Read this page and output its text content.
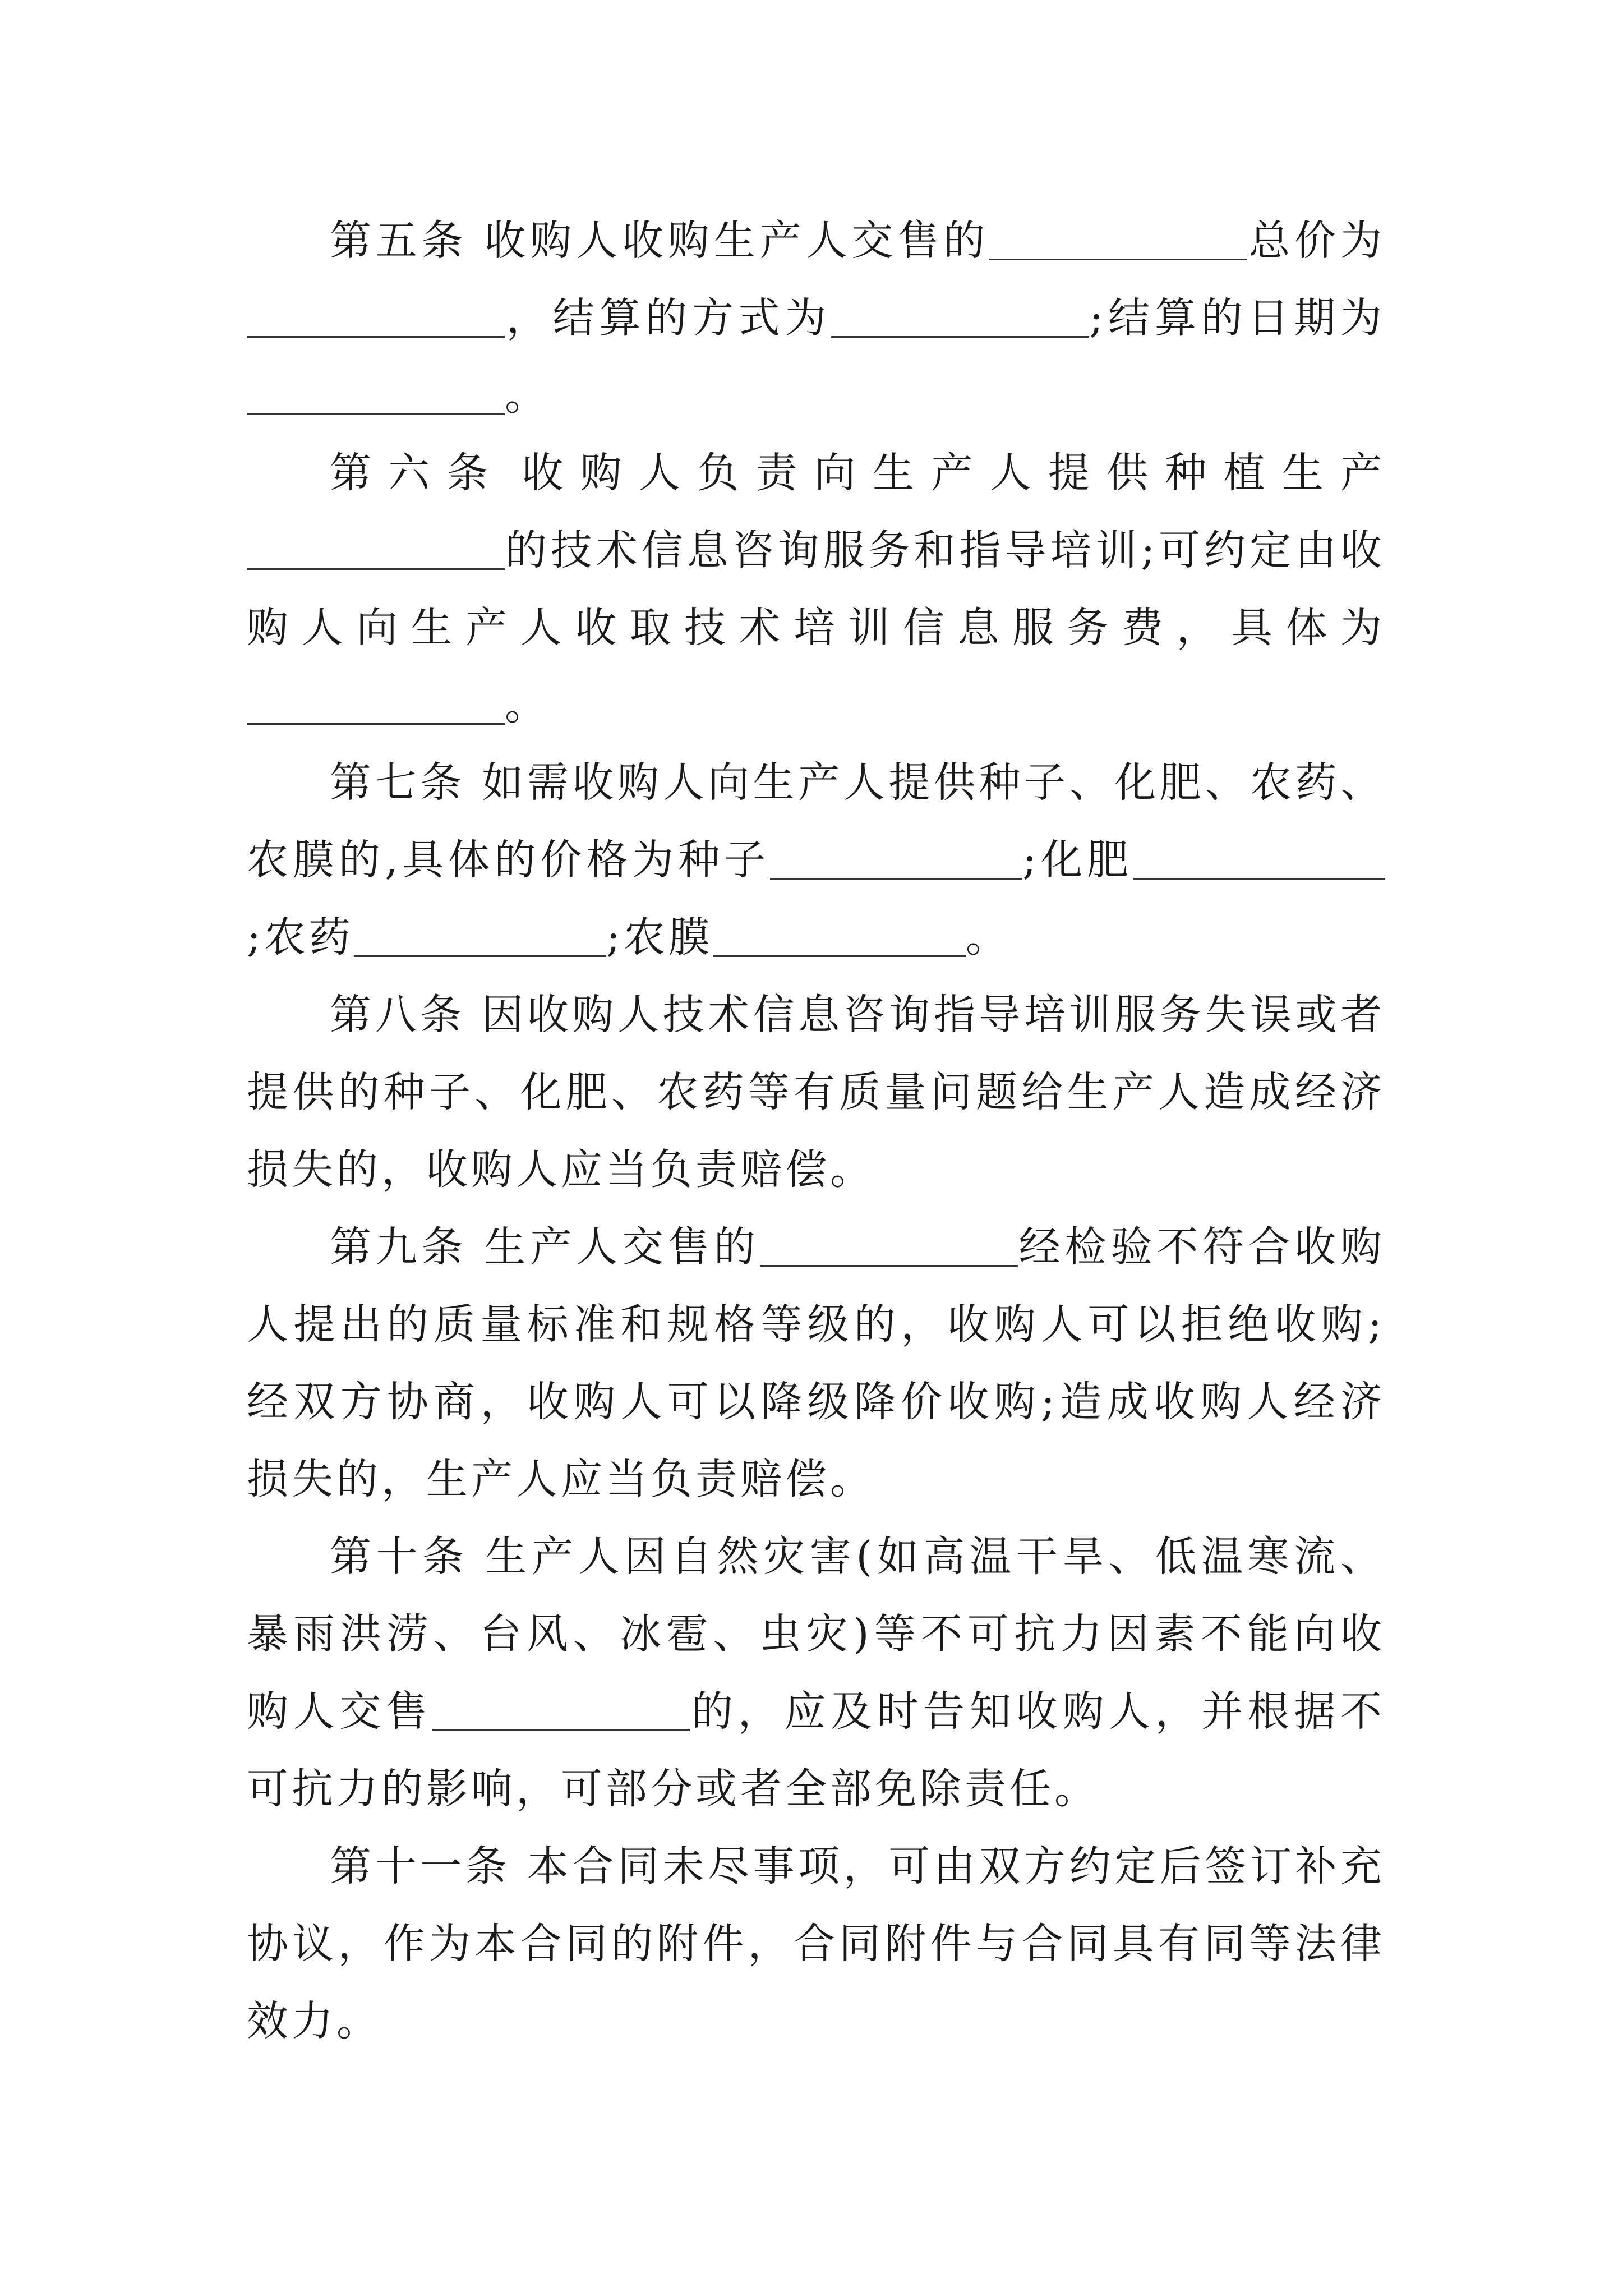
第五条 收购人收购生产人交售的	总价为，结算的方式为	;结算的日期为。

第六条 收购人负责向生产人提供种植生产的技术信息咨询服务和指导培训;可约定由收购人向生产人收取技术培训信息服务费，具体为。

第七条 如需收购人向生产人提供种子、化肥、农药、农膜的,具体的价格为种子	;化肥;农药	;农膜	。

第八条 因收购人技术信息咨询指导培训服务失误或者提供的种子、化肥、农药等有质量问题给生产人造成经济损失的，收购人应当负责赔偿。

第九条 生产人交售的	经检验不符合收购人提出的质量标准和规格等级的，收购人可以拒绝收购;经双方协商，收购人可以降级降价收购;造成收购人经济损失的，生产人应当负责赔偿。

第十条 生产人因自然灾害(如高温干旱、低温寒流、暴雨洪涝、台风、冰雹、虫灾)等不可抗力因素不能向收购人交售	的，应及时告知收购人，并根据不可抗力的影响，可部分或者全部免除责任。

第十一条 本合同未尽事项，可由双方约定后签订补充协议，作为本合同的附件，合同附件与合同具有同等法律效力。
